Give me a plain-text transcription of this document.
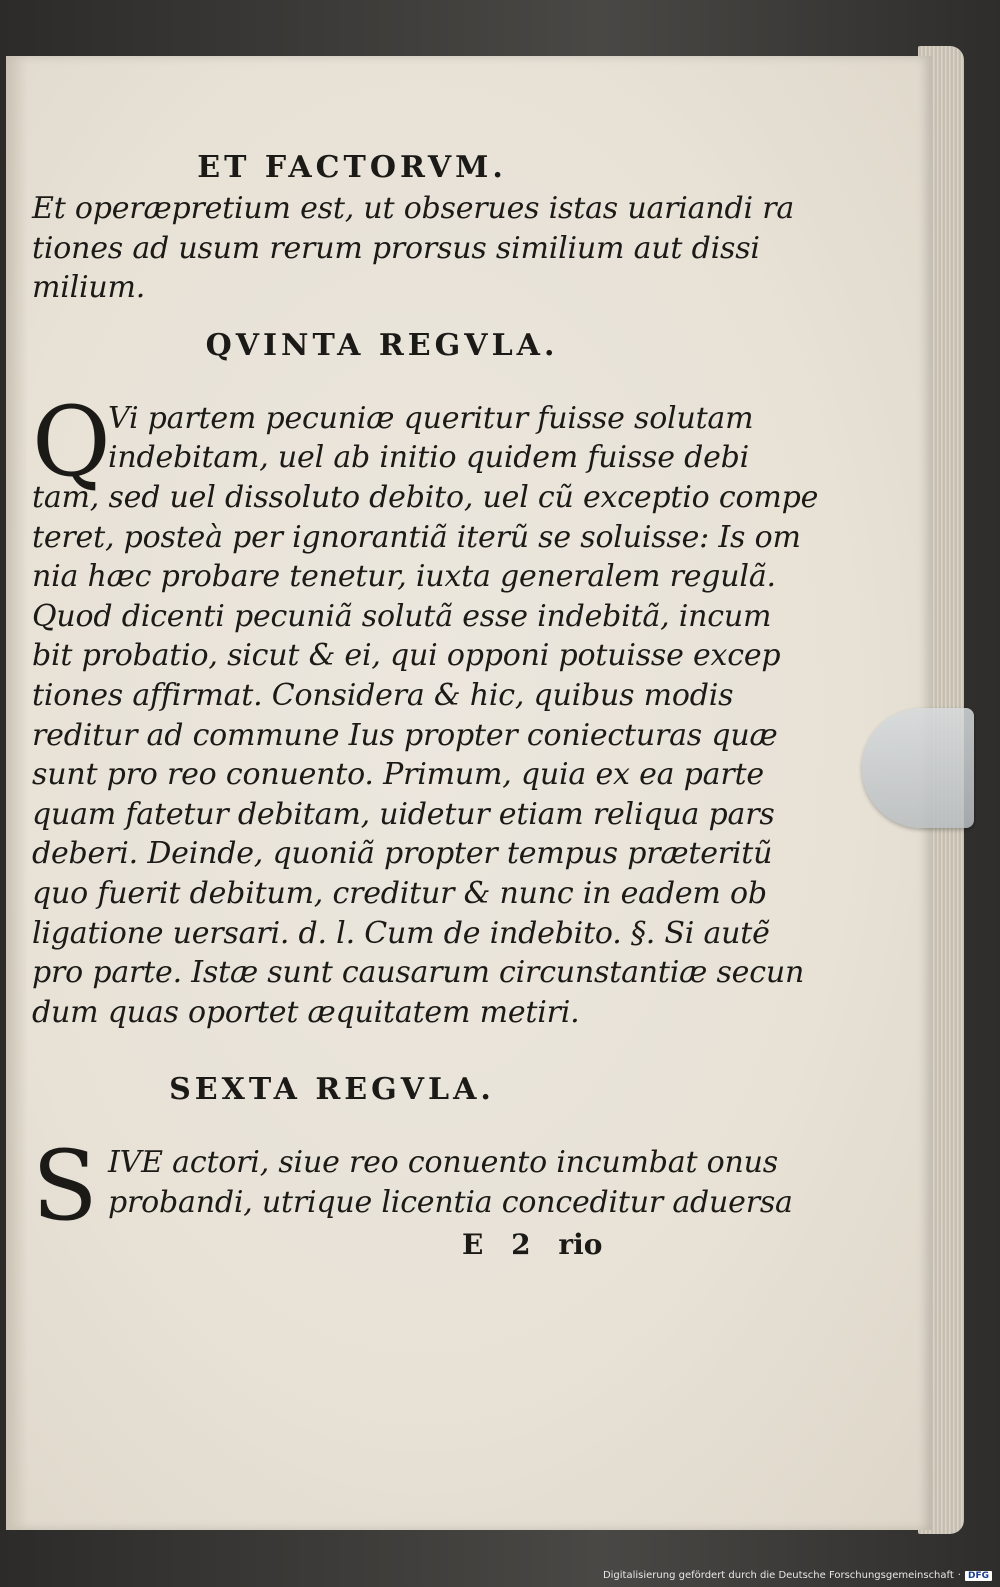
ET FACTORVM.
Et operæpretium est, ut obserues istas uariandi ra
tiones ad usum rerum prorsus similium aut dissi
milium.
QVINTA REGVLA.
Q
Vi partem pecuniæ queritur fuisse solutam
indebitam, uel ab initio quidem fuisse debi
tam, sed uel dissoluto debito, uel cũ exceptio compe
teret, posteà per ignorantiã iterũ se soluisse: Is om
nia hæc probare tenetur, iuxta generalem regulã.
Quod dicenti pecuniã solutã esse indebitã, incum
bit probatio, sicut & ei, qui opponi potuisse excep
tiones affirmat. Considera & hic, quibus modis
reditur ad commune Ius propter coniecturas quæ
sunt pro reo conuento. Primum, quia ex ea parte
quam fatetur debitam, uidetur etiam reliqua pars
deberi. Deinde, quoniã propter tempus præteritũ
quo fuerit debitum, creditur & nunc in eadem ob
ligatione uersari. d. l. Cum de indebito. §. Si autẽ
pro parte. Istæ sunt causarum circunstantiæ secun
dum quas oportet æquitatem metiri.
SEXTA REGVLA.
S IVE actori, siue reo conuento incumbat onus
probandi, utrique licentia conceditur aduersa
E 2 rio
Digitalisierung gefördert durch die Deutsche Forschungsgemeinschaft · DFG
